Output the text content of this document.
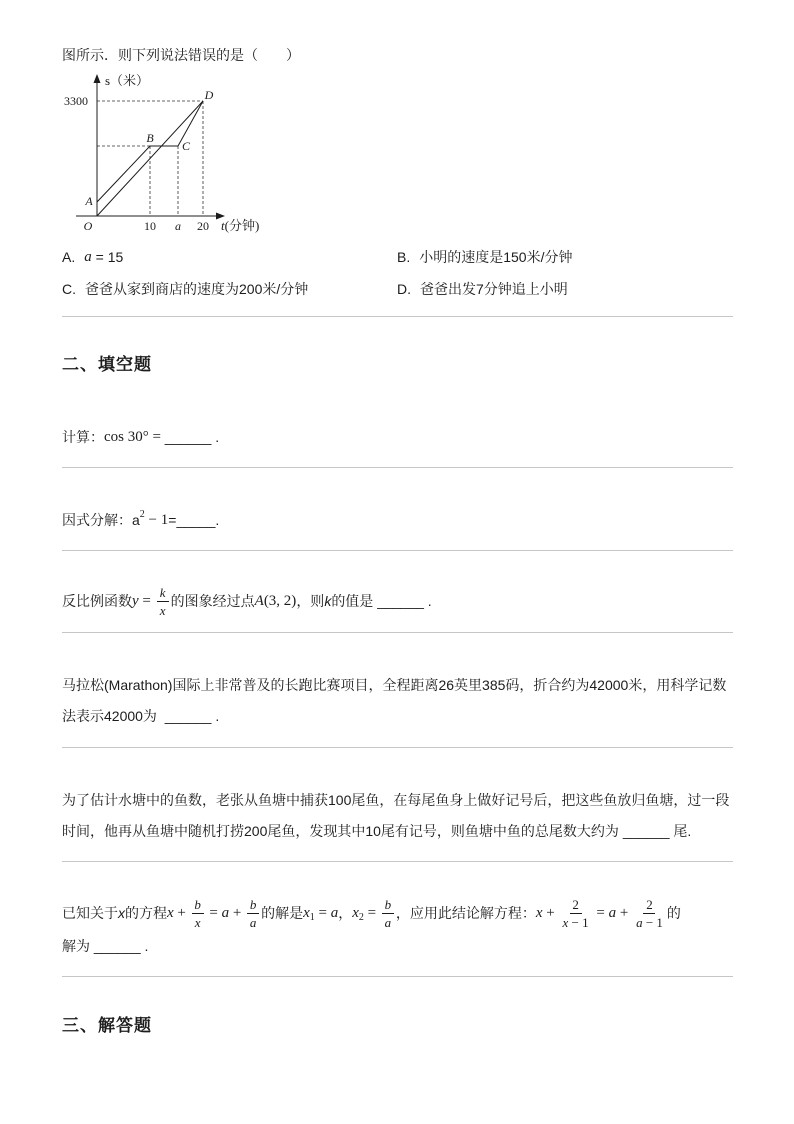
图所示．则下列说法错误的是（　　）
s（米）
3300
A
B
C
D
O	10 a 20 t(分钟)
A. a = 15	B. 小明的速度是150米/分钟
C. 爸爸从家到商店的速度为200米/分钟	D. 爸爸出发7分钟追上小明
二、填空题
计算： cos 30° = ______ .
因式分解： a 2 − 1 =_____.
反比例函数 $y = \frac{k}{x}$ 的图象经过点 A (3, 2) ，则 k 的值是 ______ .
马拉松(Marathon)国际上非常普及的长跑比赛项目，全程距离26英里385码，折合约为42000米，用科学记数
法表示42000为  ______ .
为了估计水塘中的鱼数，老张从鱼塘中捕获100尾鱼，在每尾鱼身上做好记号后，把这些鱼放归鱼塘，过一段
时间，他再从鱼塘中随机打捞200尾鱼，发现其中10尾有记号，则鱼塘中鱼的总尾数大约为 ______ 尾.
已知关于 x 的方程 $x + \frac{b}{x} = a + \frac{b}{a}$ 的解是 x 1 = a ， x $2 = \frac{b}{a}$ ，应用此结论解方程： $x + \frac{2}{x - 1} = a + \frac{2}{a - 1}$ 的
解为 ______ .
三、解答题
